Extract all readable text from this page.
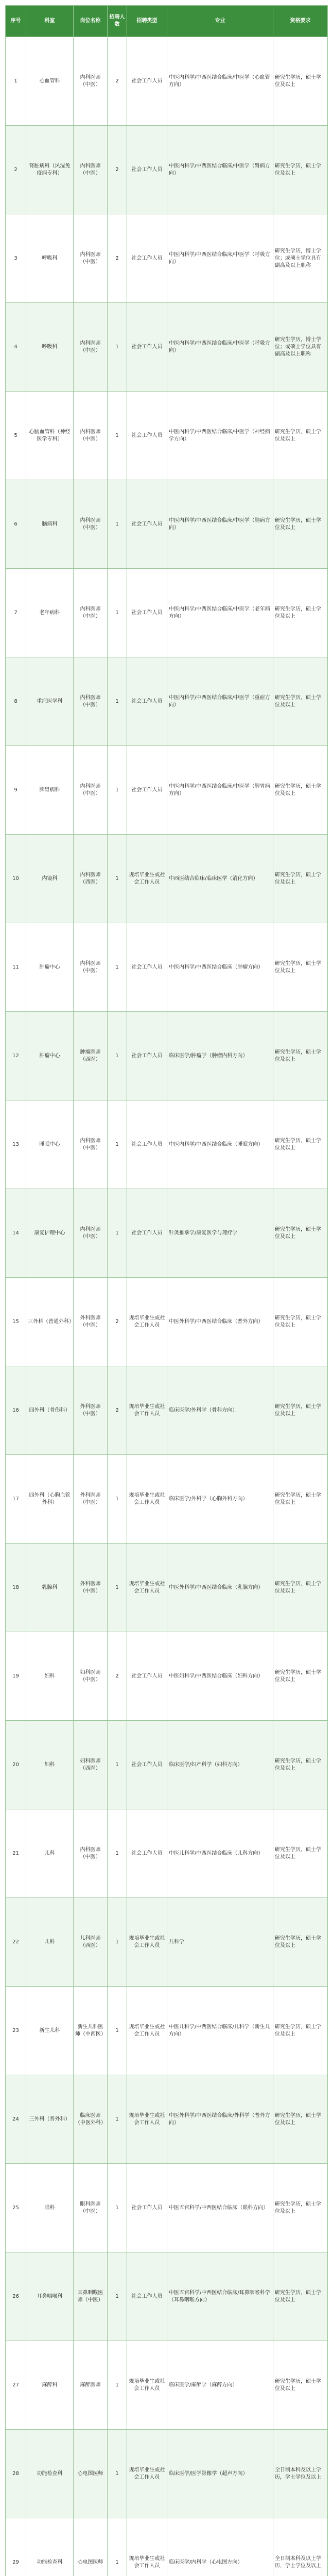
序号	科室	岗位名称	招聘人数	招聘类型	专业	资格要求
1	心血管科	内科医师（中医）	2	社会工作人员	中医内科学/中西医结合临床/中医学（心血管方向）	研究生学历，硕士学位及以上
2	肾脏病科（风湿免疫病专科）	内科医师（中医）	2	社会工作人员	中医内科学/中西医结合临床/中医学（肾病方向）	研究生学历，硕士学位及以上
3	呼吸科	内科医师（中医）	2	社会工作人员	中医内科学/中西医结合临床/中医学（呼吸方向）	研究生学历，博士学位；或硕士学位具有副高及以上职称
4	呼吸科	内科医师（中医）	1	社会工作人员	中医内科学/中西医结合临床/中医学（呼吸方向）	研究生学历，博士学位；或硕士学位具有副高及以上职称
5	心脑血管科（神经医学专科）	内科医师（中医）	1	社会工作人员	中医内科学/中西医结合临床/中医学（神经病学方向）	研究生学历，硕士学位及以上
6	脑病科	内科医师（中医）	1	社会工作人员	中医内科学/中西医结合临床/中医学（脑病方向）	研究生学历，硕士学位及以上
7	老年病科	内科医师（中医）	1	社会工作人员	中医内科学/中西医结合临床/中医学（老年病方向）	研究生学历，硕士学位及以上
8	重症医学科	内科医师（中医）	1	社会工作人员	中医内科学/中西医结合临床/中医学（重症方向）	研究生学历，硕士学位及以上
9	脾胃病科	内科医师（中医）	1	社会工作人员	中医内科学/中西医结合临床/中医学（脾胃病方向）	研究生学历，硕士学位及以上
10	内镜科	内科医师（西医）	1	规培毕业生或社会工作人员	中西医结合临床/临床医学（消化方向）	研究生学历，硕士学位及以上
11	肿瘤中心	内科医师（中医）	1	社会工作人员	中医内科学/中西医结合临床（肿瘤方向）	研究生学历，硕士学位及以上
12	肿瘤中心	肿瘤医师（西医）	1	社会工作人员	临床医学/肿瘤学（肿瘤内科方向）	研究生学历，硕士学位及以上
13	睡眠中心	内科医师（中医）	1	社会工作人员	中医内科学/中西医结合临床（睡眠方向）	研究生学历，硕士学位及以上
14	康复护理中心	内科医师（中医）	1	社会工作人员	针灸推拿学/康复医学与理疗学	研究生学历，硕士学位及以上
15	三外科（普通外科）	外科医师（中医）	2	规培毕业生或社会工作人员	中医外科学/中西医结合临床（普外方向）	研究生学历，硕士学位及以上
16	四外科（骨伤科）	外科医师（中医）	2	规培毕业生或社会工作人员	临床医学/外科学（骨科方向）	研究生学历，硕士学位及以上
17	四外科（心胸血管外科）	外科医师（中医）	1	规培毕业生或社会工作人员	临床医学/外科学（心胸外科方向）	研究生学历，硕士学位及以上
18	乳腺科	外科医师（中医）	1	规培毕业生或社会工作人员	中医外科学/中西医结合临床（乳腺方向）	研究生学历，硕士学位及以上
19	妇科	妇科医师（中医）	2	社会工作人员	中医妇科学/中西医结合临床（妇科方向）	研究生学历，硕士学位及以上
20	妇科	妇科医师（西医）	1	社会工作人员	临床医学/妇产科学（妇科方向）	研究生学历，硕士学位及以上
21	儿科	内科医师（中医）	1	社会工作人员	中医儿科学/中西医结合临床（儿科方向）	研究生学历，硕士学位及以上
22	儿科	儿科医师（西医）	1	规培毕业生或社会工作人员	儿科学	研究生学历，硕士学位及以上
23	新生儿科	新生儿科医师（中西医）	1	规培毕业生或社会工作人员	中医儿科学/中西医结合临床/儿科学（新生儿方向）	研究生学历，硕士学位及以上
24	三外科（普外科）	临床医师（中医外科）	1	规培毕业生或社会工作人员	中医外科学/中西医结合临床/外科学（普外方向）	研究生学历，硕士学位及以上
25	眼科	眼科医师（中医）	1	社会工作人员	中医五官科学/中西医结合临床（眼科方向）	研究生学历，硕士学位及以上
26	耳鼻咽喉科	耳鼻咽喉医师（中医）	1	社会工作人员	中医五官科学/中西医结合临床/耳鼻咽喉科学（耳鼻咽喉方向）	研究生学历，硕士学位及以上
27	麻醉科	麻醉医师	1	规培毕业生或社会工作人员	临床医学/麻醉学（麻醉方向）	研究生学历，硕士学位及以上
28	功能检查科	心电图医师	1	规培毕业生或社会工作人员	临床医学/医学影像学（超声方向）	全日制本科及以上学历，学士学位及以上
29	功能检查科	心电图医师	1	规培毕业生或社会工作人员	临床医学/内科学（心电图方向）	全日制本科及以上学历，学士学位及以上
